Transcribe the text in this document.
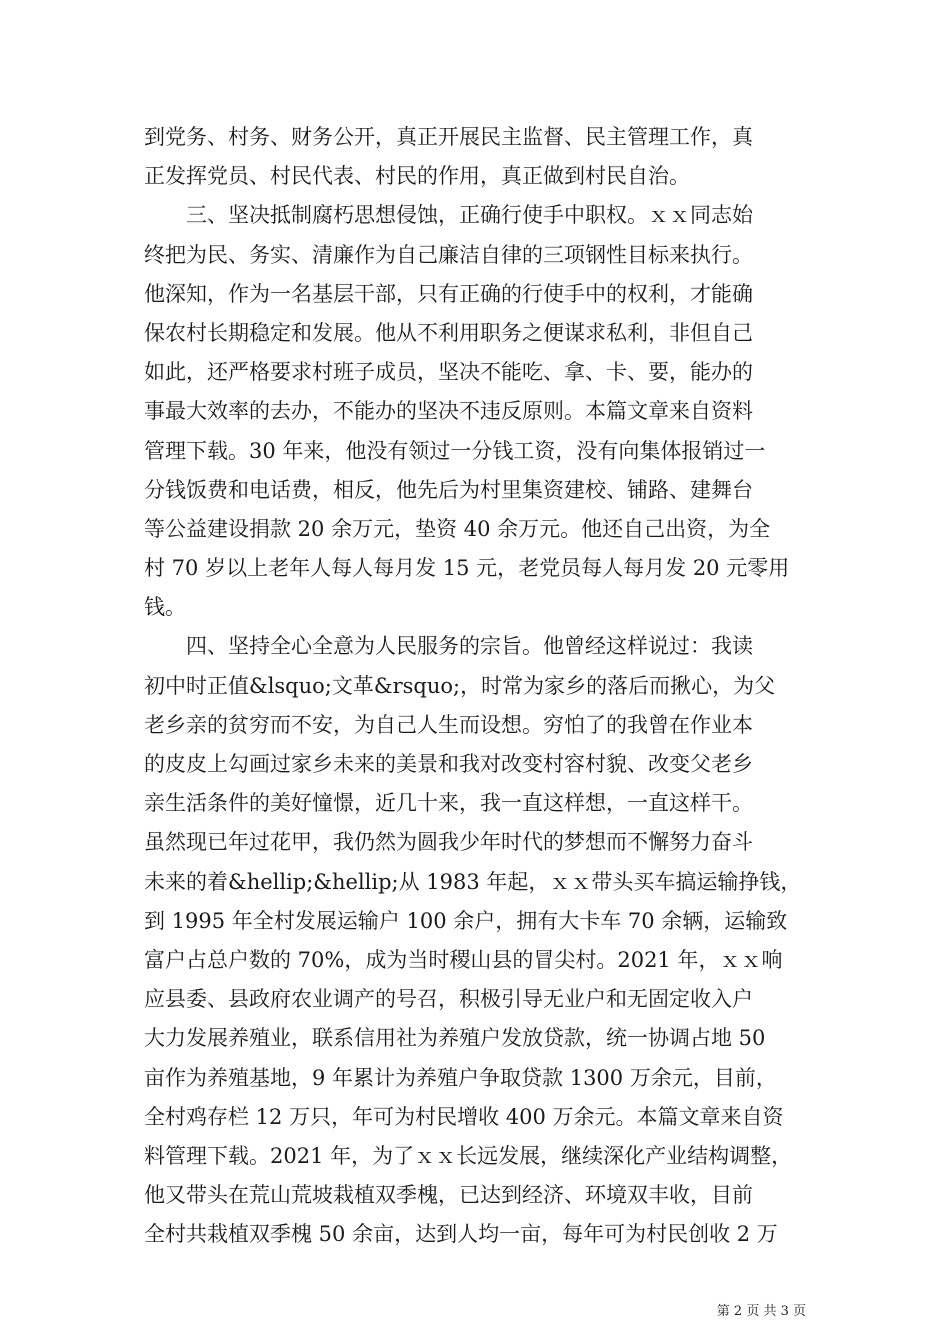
到党务、村务、财务公开，真正开展民主监督、民主管理工作，真
正发挥党员、村民代表、村民的作用，真正做到村民自治。
　　三、坚决抵制腐朽思想侵蚀，正确行使手中职权。ｘｘ同志始
终把为民、务实、清廉作为自己廉洁自律的三项钢性目标来执行。
他深知，作为一名基层干部，只有正确的行使手中的权利，才能确
保农村长期稳定和发展。他从不利用职务之便谋求私利，非但自己
如此，还严格要求村班子成员，坚决不能吃、拿、卡、要，能办的
事最大效率的去办，不能办的坚决不违反原则。本篇文章来自资料
管理下载。30 年来，他没有领过一分钱工资，没有向集体报销过一
分钱饭费和电话费，相反，他先后为村里集资建校、铺路、建舞台
等公益建设捐款 20 余万元，垫资 40 余万元。他还自己出资，为全
村 70 岁以上老年人每人每月发 15 元，老党员每人每月发 20 元零用
钱。
　　四、坚持全心全意为人民服务的宗旨。他曾经这样说过：我读
初中时正值&lsquo;文革&rsquo;，时常为家乡的落后而揪心，为父
老乡亲的贫穷而不安，为自己人生而设想。穷怕了的我曾在作业本
的皮皮上勾画过家乡未来的美景和我对改变村容村貌、改变父老乡
亲生活条件的美好憧憬，近几十来，我一直这样想，一直这样干。
虽然现已年过花甲，我仍然为圆我少年时代的梦想而不懈努力奋斗
未来的着&hellip;&hellip;从 1983 年起，ｘｘ带头买车搞运输挣钱，
到 1995 年全村发展运输户 100 余户，拥有大卡车 70 余辆，运输致
富户占总户数的 70%，成为当时稷山县的冒尖村。2021 年，ｘｘ响
应县委、县政府农业调产的号召，积极引导无业户和无固定收入户
大力发展养殖业，联系信用社为养殖户发放贷款，统一协调占地 50
亩作为养殖基地，9 年累计为养殖户争取贷款 1300 万余元，目前，
全村鸡存栏 12 万只，年可为村民增收 400 万余元。本篇文章来自资
料管理下载。2021 年，为了ｘｘ长远发展，继续深化产业结构调整，
他又带头在荒山荒坡栽植双季槐，已达到经济、环境双丰收，目前
全村共栽植双季槐 50 余亩，达到人均一亩，每年可为村民创收 2 万
第 2 页 共 3 页
